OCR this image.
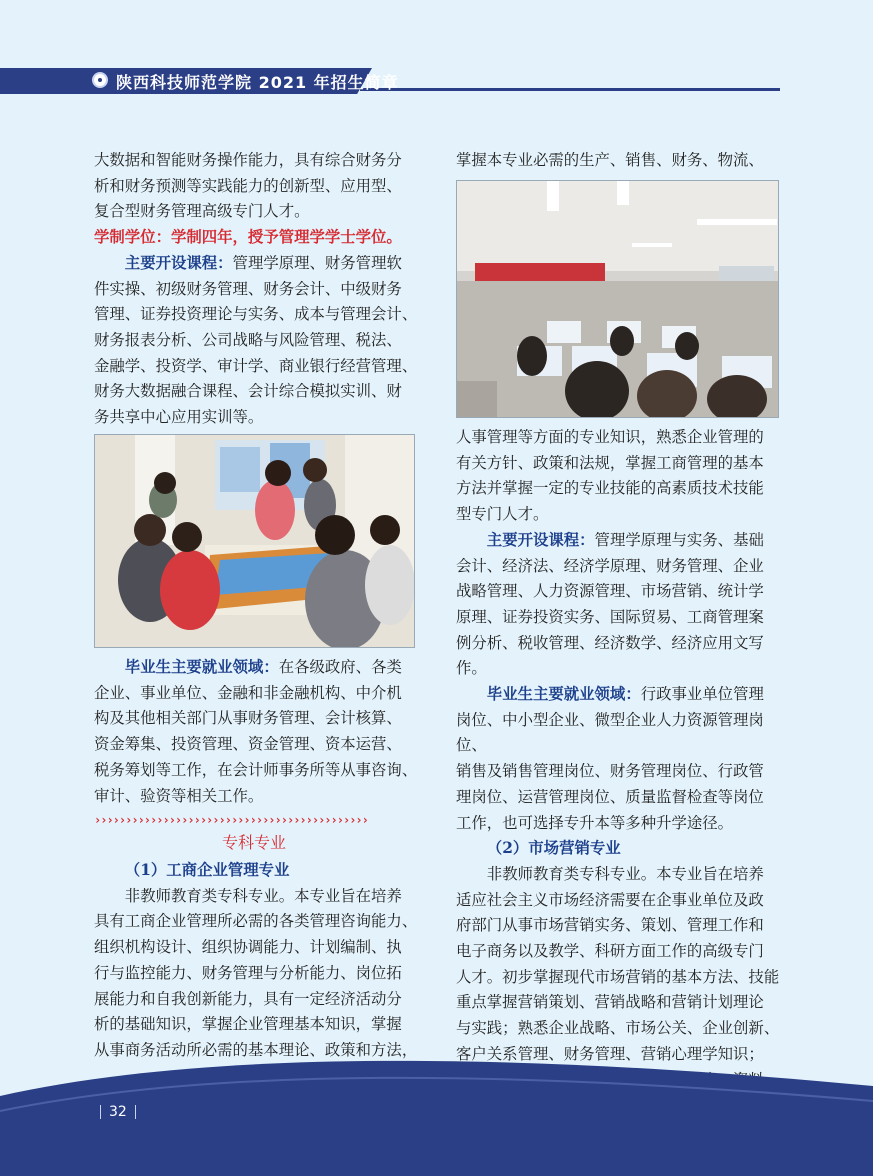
陕西科技师范学院 2021 年招生简章

大数据和智能财务操作能力，具有综合财务分

析和财务预测等实践能力的创新型、应用型、

复合型财务管理高级专门人才。

学制学位：学制四年，授予管理学学士学位。

主要开设课程：管理学原理、财务管理软

件实操、初级财务管理、财务会计、中级财务

管理、证券投资理论与实务、成本与管理会计、

财务报表分析、公司战略与风险管理、税法、

金融学、投资学、审计学、商业银行经营管理、

财务大数据融合课程、会计综合模拟实训、财

务共享中心应用实训等。

毕业生主要就业领域：在各级政府、各类

企业、事业单位、金融和非金融机构、中介机

构及其他相关部门从事财务管理、会计核算、

资金筹集、投资管理、资金管理、资本运营、

税务筹划等工作，在会计师事务所等从事咨询、

审计、验资等相关工作。

››››››››››››››››››››››››››››››››››››››››››››
专科专业

（1）工商企业管理专业

非教师教育类专科专业。本专业旨在培养

具有工商企业管理所必需的各类管理咨询能力、

组织机构设计、组织协调能力、计划编制、执

行与监控能力、财务管理与分析能力、岗位拓

展能力和自我创新能力，具有一定经济活动分

析的基础知识，掌握企业管理基本知识，掌握

从事商务活动所必需的基本理论、政策和方法，

掌握本专业必需的生产、销售、财务、物流、

人事管理等方面的专业知识，熟悉企业管理的

有关方针、政策和法规，掌握工商管理的基本

方法并掌握一定的专业技能的高素质技术技能

型专门人才。

主要开设课程：管理学原理与实务、基础

会计、经济法、经济学原理、财务管理、企业

战略管理、人力资源管理、市场营销、统计学

原理、证券投资实务、国际贸易、工商管理案

例分析、税收管理、经济数学、经济应用文写作。

毕业生主要就业领域：行政事业单位管理

岗位、中小型企业、微型企业人力资源管理岗位、

销售及销售管理岗位、财务管理岗位、行政管

理岗位、运营管理岗位、质量监督检查等岗位

工作，也可选择专升本等多种升学途径。

（2）市场营销专业

非教师教育类专科专业。本专业旨在培养

适应社会主义市场经济需要在企事业单位及政

府部门从事市场营销实务、策划、管理工作和

电子商务以及教学、科研方面工作的高级专门

人才。初步掌握现代市场营销的基本方法、技能

重点掌握营销策划、营销战略和营销计划理论

与实践；熟悉企业战略、市场公关、企业创新、

客户关系管理、财务管理、营销心理学知识；

32
